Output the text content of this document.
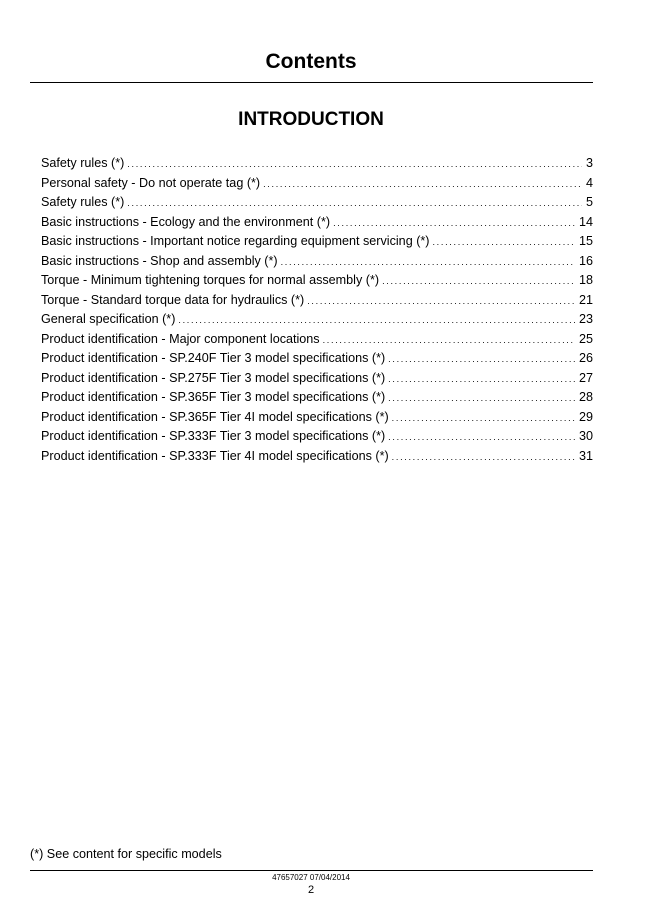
Contents
INTRODUCTION
Safety rules (*) . . .	3
Personal safety - Do not operate tag (*) . . .	4
Safety rules (*) . . .	5
Basic instructions - Ecology and the environment (*) . . .	14
Basic instructions - Important notice regarding equipment servicing (*) . . .	15
Basic instructions - Shop and assembly (*) . . .	16
Torque - Minimum tightening torques for normal assembly (*) . . .	18
Torque - Standard torque data for hydraulics (*) . . .	21
General specification (*) . . .	23
Product identification - Major component locations . . .	25
Product identification - SP.240F Tier 3 model specifications (*) . . .	26
Product identification - SP.275F Tier 3 model specifications (*) . . .	27
Product identification - SP.365F Tier 3 model specifications (*) . . .	28
Product identification - SP.365F Tier 4I model specifications (*) . . .	29
Product identification - SP.333F Tier 3 model specifications (*) . . .	30
Product identification - SP.333F Tier 4I model specifications (*) . . .	31
(*) See content for specific models
47657027 07/04/2014
2
